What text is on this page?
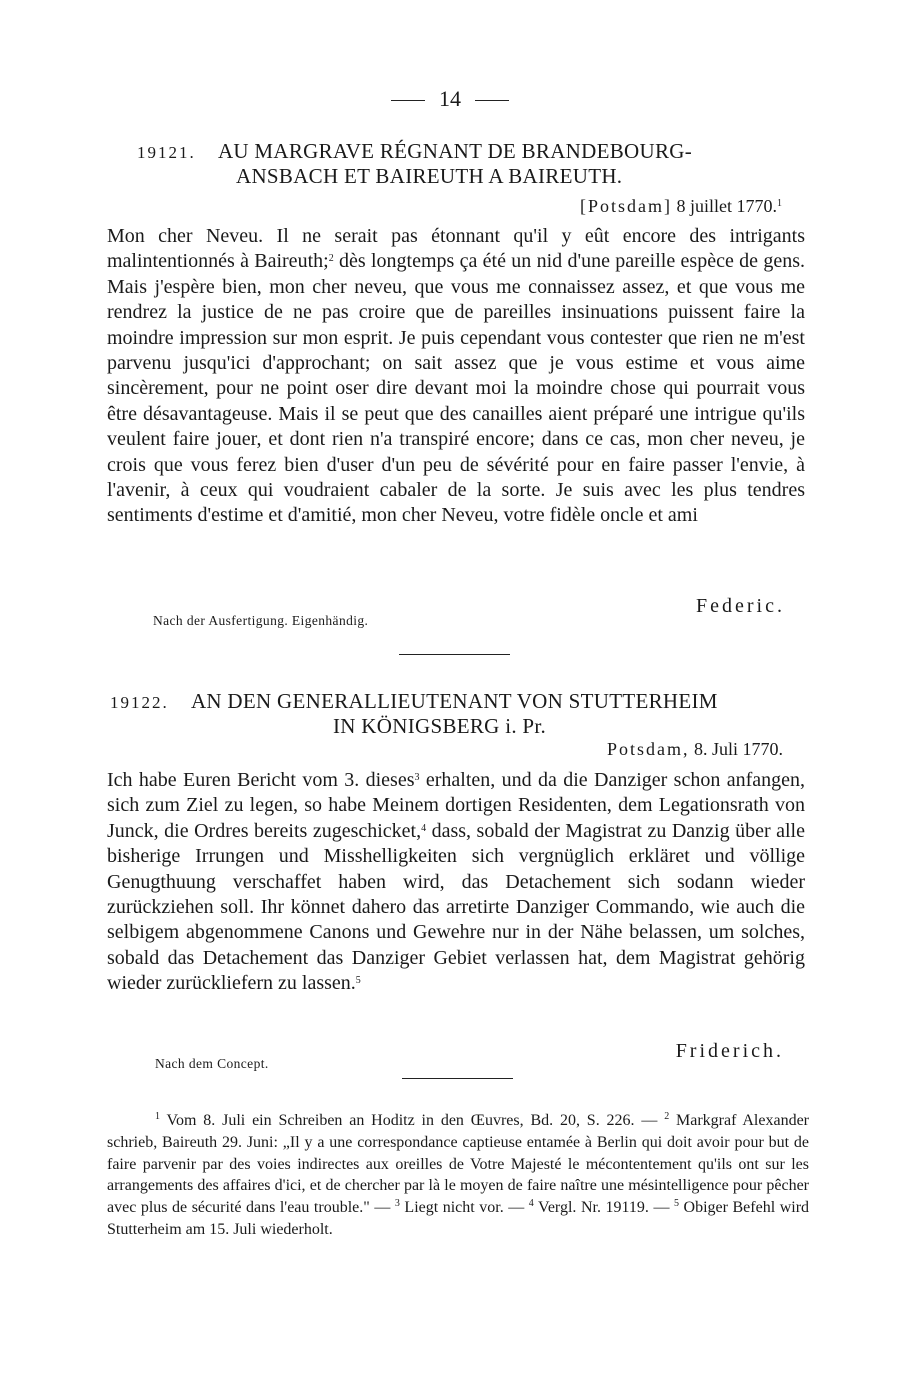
14
19121. AU MARGRAVE RÉGNANT DE BRANDEBOURG-
ANSBACH ET BAIREUTH A BAIREUTH.
[Potsdam] 8 juillet 1770.$^1$

Mon cher Neveu. Il ne serait pas étonnant qu'il y eût encore des intrigants malintentionnés à Baireuth;$^2$ dès longtemps ça été un nid d'une pareille espèce de gens. Mais j'espère bien, mon cher neveu, que vous me connaissez assez, et que vous me rendrez la justice de ne pas croire que de pareilles insinuations puissent faire la moindre impression sur mon esprit. Je puis cependant vous contester que rien ne m'est parvenu jusqu'ici d'approchant; on sait assez que je vous estime et vous aime sincèrement, pour ne point oser dire devant moi la moindre chose qui pourrait vous être désavantageuse. Mais il se peut que des canailles aient préparé une intrigue qu'ils veulent faire jouer, et dont rien n'a transpiré encore; dans ce cas, mon cher neveu, je crois que vous ferez bien d'user d'un peu de sévérité pour en faire passer l'envie, à l'avenir, à ceux qui voudraient cabaler de la sorte. Je suis avec les plus tendres sentiments d'estime et d'amitié, mon cher Neveu, votre fidèle oncle et ami

Federic.
Nach der Ausfertigung. Eigenhändig.
19122. AN DEN GENERALLIEUTENANT VON STUTTERHEIM
IN KÖNIGSBERG i. Pr.
Potsdam, 8. Juli 1770.

Ich habe Euren Bericht vom 3. dieses$^3$ erhalten, und da die Danziger schon anfangen, sich zum Ziel zu legen, so habe Meinem dortigen Residenten, dem Legationsrath von Junck, die Ordres bereits zugeschicket,$^4$ dass, sobald der Magistrat zu Danzig über alle bisherige Irrungen und Misshelligkeiten sich vergnüglich erkläret und völlige Genugthuung verschaffet haben wird, das Detachement sich sodann wieder zurückziehen soll. Ihr könnet dahero das arretirte Danziger Commando, wie auch die selbigem abgenommene Canons und Gewehre nur in der Nähe belassen, um solches, sobald das Detachement das Danziger Gebiet verlassen hat, dem Magistrat gehörig wieder zurückliefern zu lassen.$^5$

Friderich.
Nach dem Concept.

$^1$ Vom 8. Juli ein Schreiben an Hoditz in den Œuvres, Bd. 20, S. 226. — $^2$ Markgraf Alexander schrieb, Baireuth 29. Juni: „Il y a une correspondance captieuse entamée à Berlin qui doit avoir pour but de faire parvenir par des voies indirectes aux oreilles de Votre Majesté le mécontentement qu'ils ont sur les arrangements des affaires d'ici, et de chercher par là le moyen de faire naître une mésintelligence pour pêcher avec plus de sécurité dans l'eau trouble." — $^3$ Liegt nicht vor. — $^4$ Vergl. Nr. 19119. — $^5$ Obiger Befehl wird Stutterheim am 15. Juli wiederholt.
